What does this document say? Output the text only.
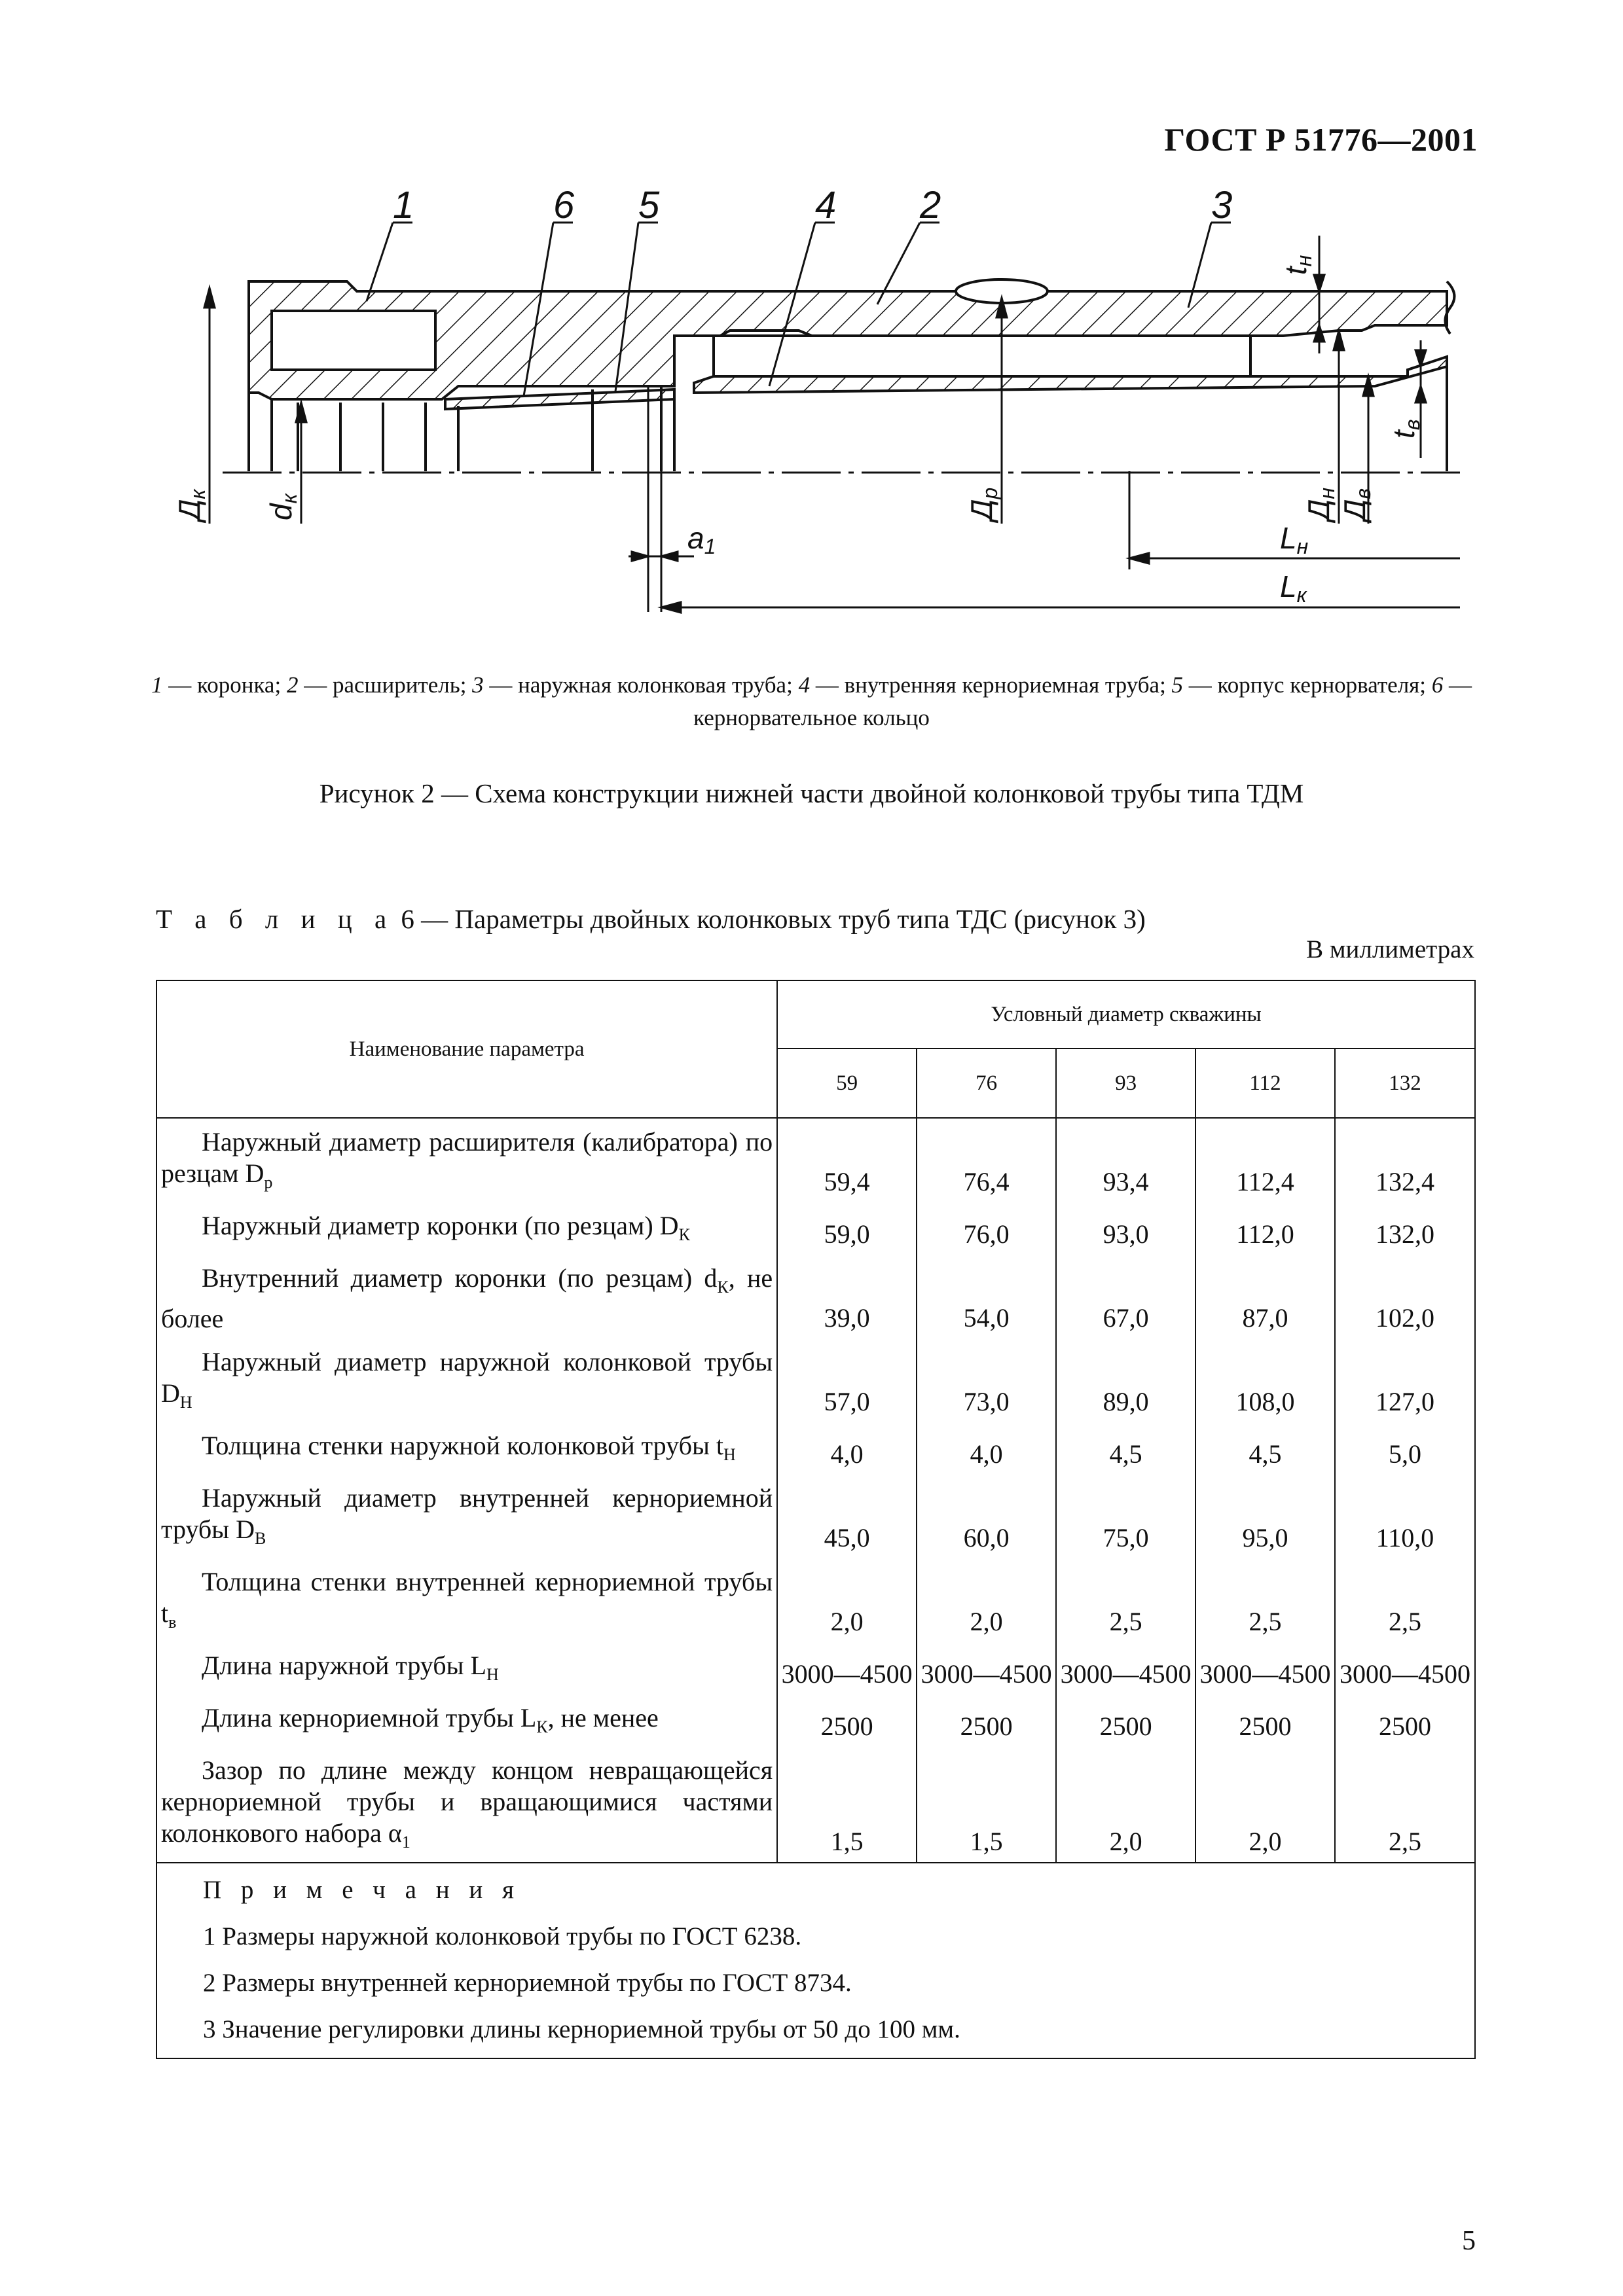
ГОСТ Р 51776—2001
1	6 5	4 2	3
Дк
dк
Др
Дн
Дв
tн
tв
a1	Lн
Lк
1 — коронка; 2 — расширитель; 3 — наружная колонковая труба; 4 — внутренняя кернориемная труба; 5 — корпус кернорвателя; 6 — кернорвательное кольцо
Рисунок 2 — Схема конструкции нижней части двойной колонковой трубы типа ТДМ
Т а б л и ц а 6 — Параметры двойных колонковых труб типа ТДС (рисунок 3)
В миллиметрах
Наименование параметра	Условный диаметр скважины				
	59	76	93	112	132
Наружный диаметр расширителя (калибратора) по резцам $D_р$	59,4	76,4	93,4	112,4	132,4
Наружный диаметр коронки (по резцам) $D_К$	59,0	76,0	93,0	112,0	132,0
Внутренний диаметр коронки (по резцам) $d_К$, не более	39,0	54,0	67,0	87,0	102,0
Наружный диаметр наружной колонковой трубы $D_Н$	57,0	73,0	89,0	108,0	127,0
Толщина стенки наружной колонковой трубы $t_Н$	4,0	4,0	4,5	4,5	5,0
Наружный диаметр внутренней кернориемной трубы $D_В$	45,0	60,0	75,0	95,0	110,0
Толщина стенки внутренней кернориемной трубы $t_в$	2,0	2,0	2,5	2,5	2,5
Длина наружной трубы $L_Н$	3000—4500	3000—4500	3000—4500	3000—4500	3000—4500
Длина кернориемной трубы $L_К$, не менее	2500	2500	2500	2500	2500
Зазор по длине между концом невращающейся кернориемной трубы и вращающимися частями колонкового набора $\alpha_1$	1,5	1,5	2,0	2,0	2,5

П р и м е ч а н и я
1 Размеры наружной колонковой трубы по ГОСТ 6238.
2 Размеры внутренней кернориемной трубы по ГОСТ 8734.
3 Значение регулировки длины кернориемной трубы от 50 до 100 мм.					
5
